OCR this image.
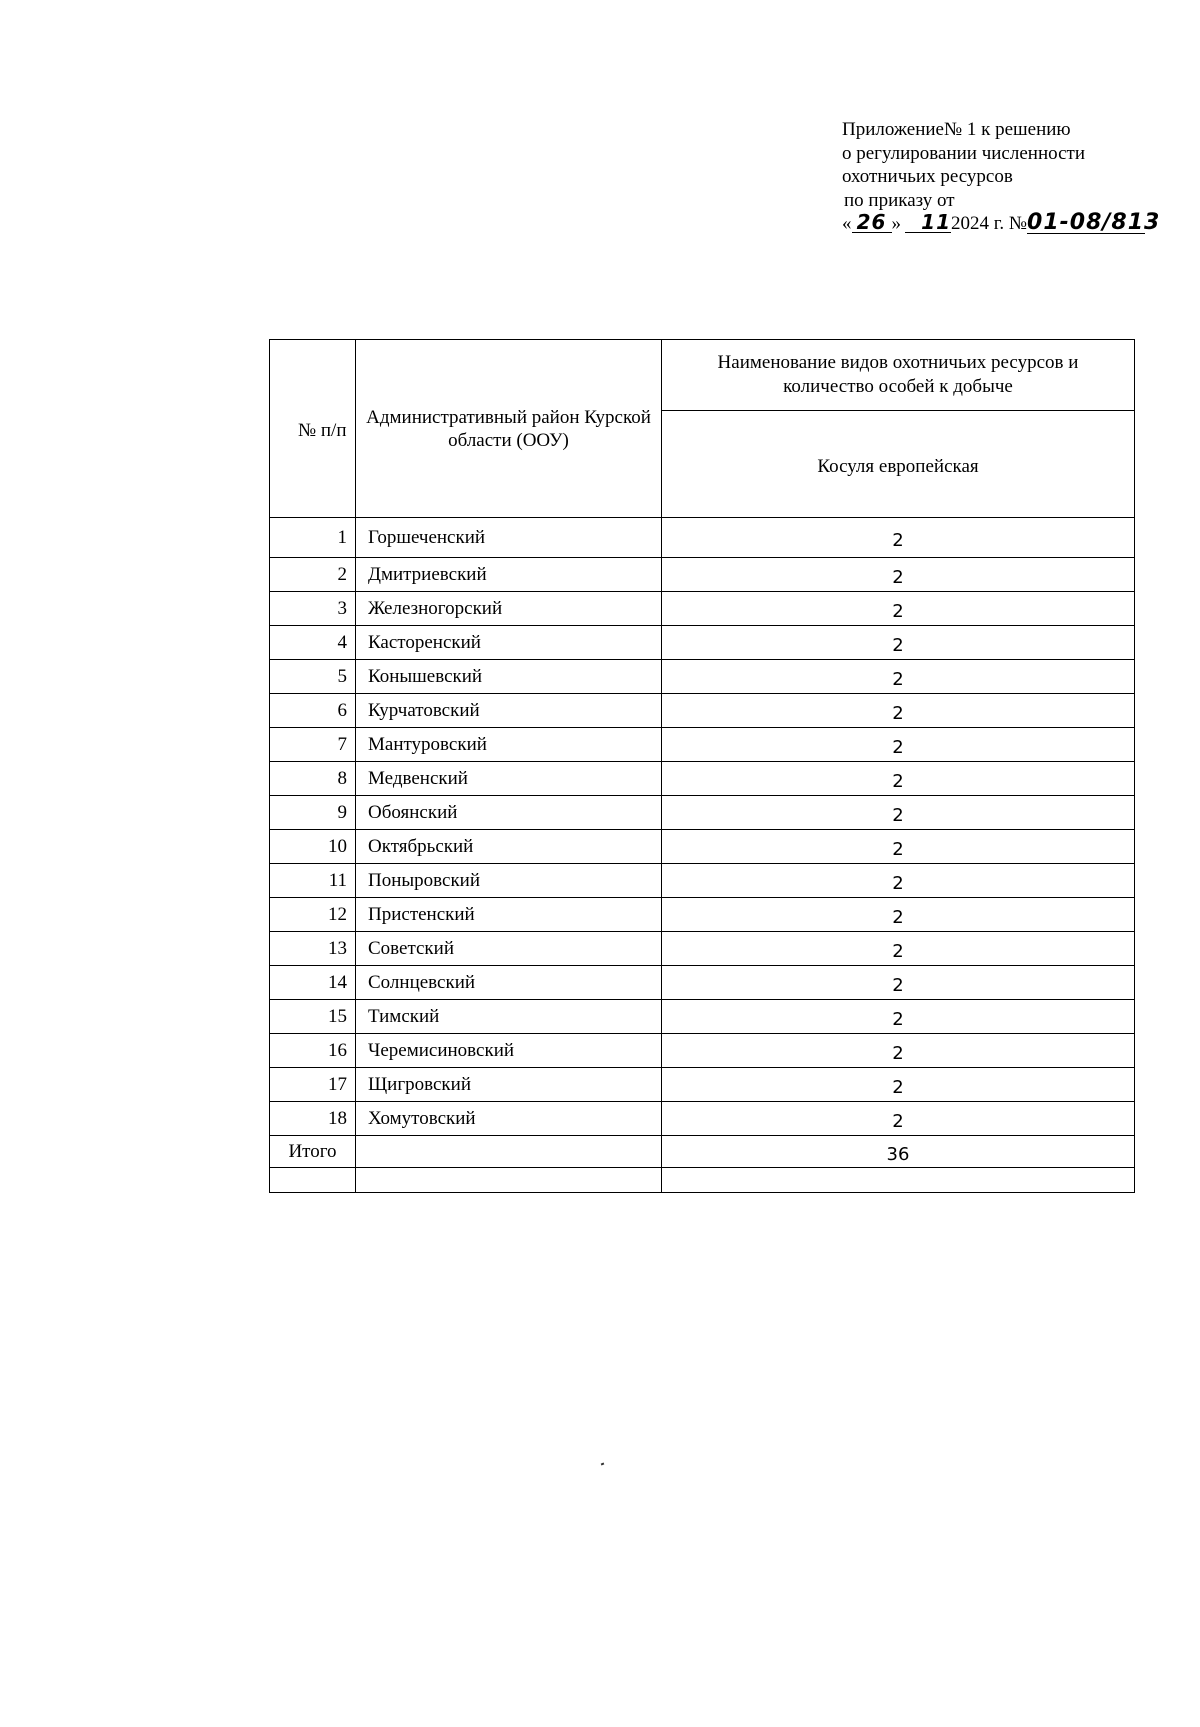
Приложение№ 1 к решению
о регулировании численности
охотничьих ресурсов
по приказу от
« 26 » 112024 г. №01-08/813
№ п/п	Административный район Курской области (ООУ)	Наименование видов охотничьих ресурсов и количество особей к добыче
		Косуля европейская
1	Горшеченский	2
2	Дмитриевский	2
3	Железногорский	2
4	Касторенский	2
5	Конышевский	2
6	Курчатовский	2
7	Мантуровский	2
8	Медвенский	2
9	Обоянский	2
10	Октябрьский	2
11	Поныровский	2
12	Пристенский	2
13	Советский	2
14	Солнцевский	2
15	Тимский	2
16	Черемисиновский	2
17	Щигровский	2
18	Хомутовский	2
Итого		36
